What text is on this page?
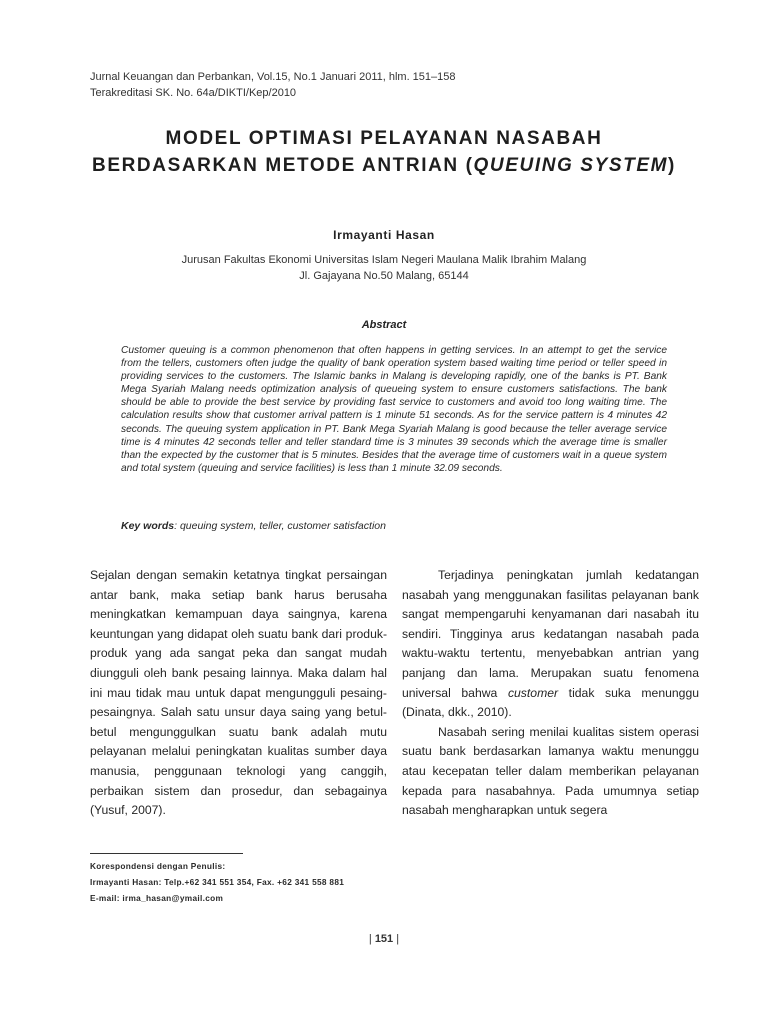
Jurnal Keuangan dan Perbankan, Vol.15, No.1 Januari 2011, hlm. 151–158
Terakreditasi SK. No. 64a/DIKTI/Kep/2010
MODEL OPTIMASI PELAYANAN NASABAH
BERDASARKAN METODE ANTRIAN (QUEUING SYSTEM)
Irmayanti Hasan
Jurusan Fakultas Ekonomi Universitas Islam Negeri Maulana Malik Ibrahim Malang
Jl. Gajayana No.50 Malang, 65144
Abstract
Customer queuing is a common phenomenon that often happens in getting services. In an attempt to get the service from the tellers, customers often judge the quality of bank operation system based waiting time period or teller speed in providing services to the customers. The Islamic banks in Malang is developing rapidly, one of the banks is PT. Bank Mega Syariah Malang needs optimization analysis of queueing system to ensure customers satisfactions. The bank should be able to provide the best service by providing fast service to customers and avoid too long waiting time. The calculation results show that customer arrival pattern is 1 minute 51 seconds. As for the service pattern is 4 minutes 42 seconds. The queuing system application in PT. Bank Mega Syariah Malang is good because the teller average service time is 4 minutes 42 seconds teller and teller standard time is 3 minutes 39 seconds which the average time is smaller than the expected by the customer that is 5 minutes. Besides that the average time of customers wait in a queue system and total system (queuing and service facilities) is less than 1 minute 32.09 seconds.
Key words: queuing system, teller, customer satisfaction

Sejalan dengan semakin ketatnya tingkat persaingan antar bank, maka setiap bank harus berusaha meningkatkan kemampuan daya saingnya, karena keuntungan yang didapat oleh suatu bank dari produk-produk yang ada sangat peka dan sangat mudah diungguli oleh bank pesaing lainnya. Maka dalam hal ini mau tidak mau untuk dapat mengungguli pesaing-pesaingnya. Salah satu unsur daya saing yang betul-betul mengunggulkan suatu bank adalah mutu pelayanan melalui peningkatan kualitas sumber daya manusia, penggunaan teknologi yang canggih, perbaikan sistem dan prosedur, dan sebagainya (Yusuf, 2007).

Terjadinya peningkatan jumlah kedatangan nasabah yang menggunakan fasilitas pelayanan bank sangat mempengaruhi kenyamanan dari nasabah itu sendiri. Tingginya arus kedatangan nasabah pada waktu-waktu tertentu, menyebabkan antrian yang panjang dan lama. Merupakan suatu fenomena universal bahwa customer tidak suka menunggu (Dinata, dkk., 2010).

Nasabah sering menilai kualitas sistem operasi suatu bank berdasarkan lamanya waktu menunggu atau kecepatan teller dalam memberikan pelayanan kepada para nasabahnya. Pada umumnya setiap nasabah mengharapkan untuk segera

Korespondensi dengan Penulis:
Irmayanti Hasan: Telp.+62 341 551 354, Fax. +62 341 558 881
E-mail: irma_hasan@ymail.com
| 151 |
